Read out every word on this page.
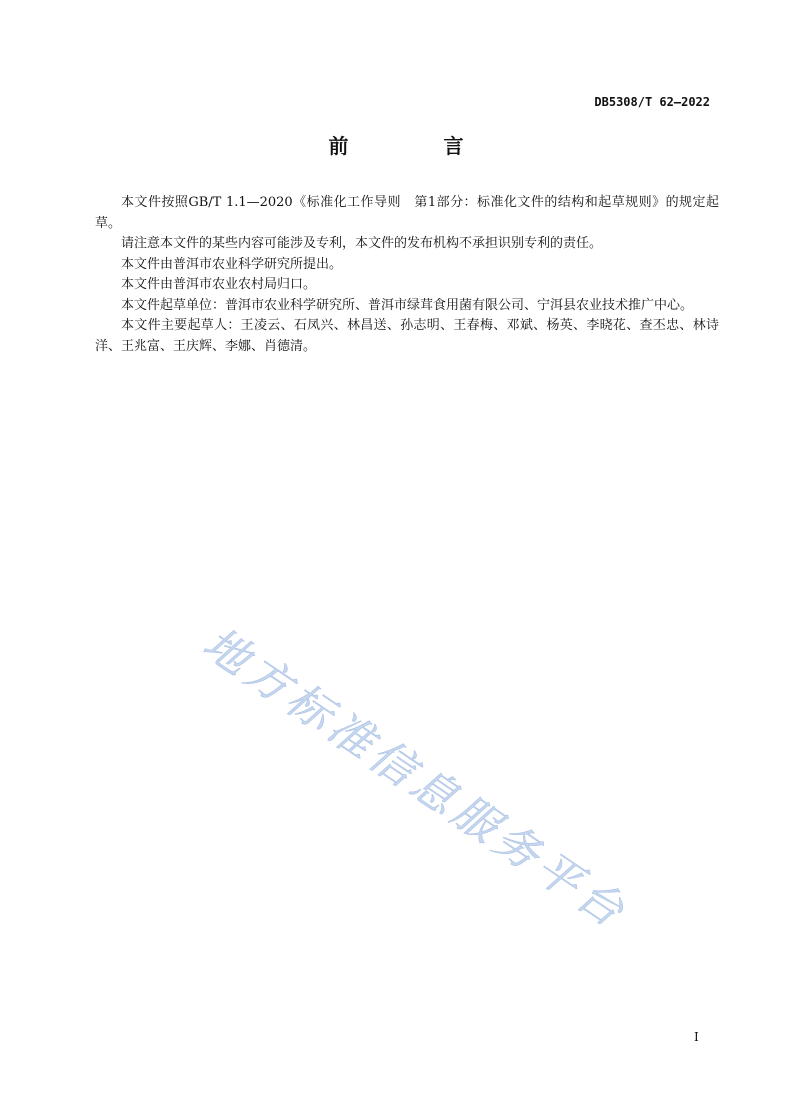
DB5308/T 62—2022
前 言

本文件按照GB/T 1.1—2020《标准化工作导则　第1部分：标准化文件的结构和起草规则》的规定起草。

请注意本文件的某些内容可能涉及专利，本文件的发布机构不承担识别专利的责任。

本文件由普洱市农业科学研究所提出。

本文件由普洱市农业农村局归口。

本文件起草单位：普洱市农业科学研究所、普洱市绿茸食用菌有限公司、宁洱县农业技术推广中心。

本文件主要起草人：王凌云、石凤兴、林昌送、孙志明、王春梅、邓斌、杨英、李晓花、查丕忠、林诗洋、王兆富、王庆辉、李娜、肖德清。

地方标准信息服务平台
I
